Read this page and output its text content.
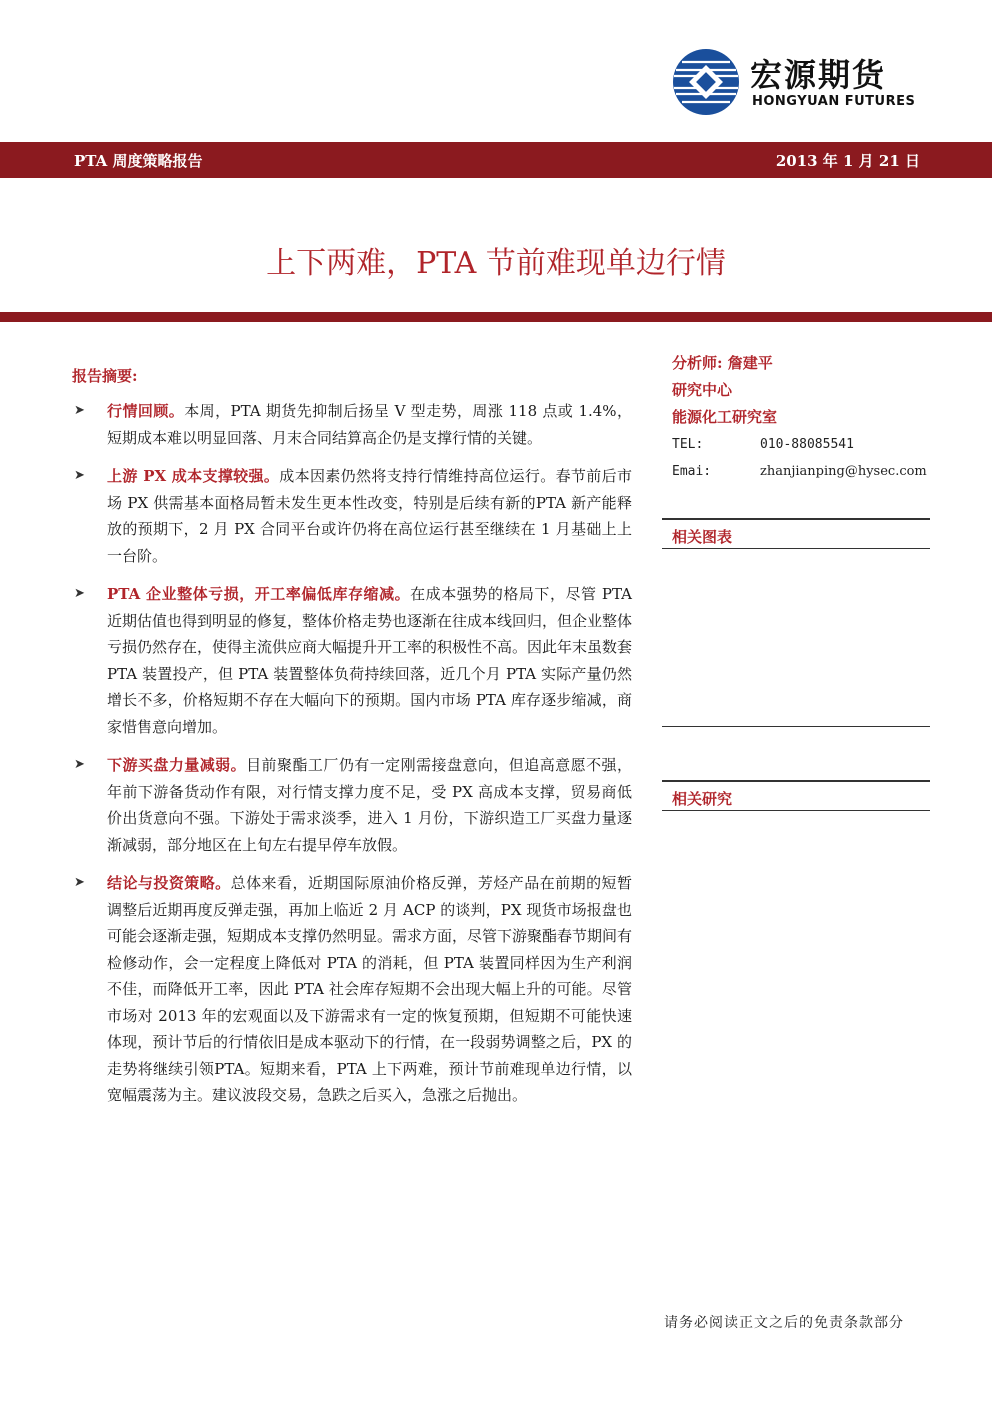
宏源期货
HONGYUAN FUTURES
PTA 周度策略报告	2013 年 1 月 21 日
上下两难，PTA 节前难现单边行情
报告摘要:
➤ 行情回顾。本周，PTA 期货先抑制后扬呈 V 型走势，周涨 118 点或 1.4%，短期成本难以明显回落、月末合同结算高企仍是支撑行情的关键。
➤ 上游 PX 成本支撑较强。成本因素仍然将支持行情维持高位运行。春节前后市场 PX 供需基本面格局暂未发生更本性改变，特别是后续有新的PTA 新产能释放的预期下，2 月 PX 合同平台或许仍将在高位运行甚至继续在 1 月基础上上一台阶。
➤ PTA 企业整体亏损，开工率偏低库存缩减。在成本强势的格局下，尽管 PTA 近期估值也得到明显的修复，整体价格走势也逐渐在往成本线回归，但企业整体亏损仍然存在，使得主流供应商大幅提升开工率的积极性不高。因此年末虽数套 PTA 装置投产，但 PTA 装置整体负荷持续回落，近几个月 PTA 实际产量仍然增长不多，价格短期不存在大幅向下的预期。国内市场 PTA 库存逐步缩减，商家惜售意向增加。
➤ 下游买盘力量减弱。目前聚酯工厂仍有一定刚需接盘意向，但追高意愿不强，年前下游备货动作有限，对行情支撑力度不足，受 PX 高成本支撑，贸易商低价出货意向不强。下游处于需求淡季，进入 1 月份，下游织造工厂买盘力量逐渐减弱，部分地区在上旬左右提早停车放假。
➤ 结论与投资策略。总体来看，近期国际原油价格反弹，芳烃产品在前期的短暂调整后近期再度反弹走强，再加上临近 2 月 ACP 的谈判，PX 现货市场报盘也可能会逐渐走强，短期成本支撑仍然明显。需求方面，尽管下游聚酯春节期间有检修动作，会一定程度上降低对 PTA 的消耗，但 PTA 装置同样因为生产利润不佳，而降低开工率，因此 PTA 社会库存短期不会出现大幅上升的可能。尽管市场对 2013 年的宏观面以及下游需求有一定的恢复预期，但短期不可能快速体现，预计节后的行情依旧是成本驱动下的行情，在一段弱势调整之后，PX 的走势将继续引领PTA。短期来看，PTA 上下两难，预计节前难现单边行情，以宽幅震荡为主。建议波段交易，急跌之后买入，急涨之后抛出。
分析师: 詹建平
研究中心
能源化工研究室
TEL:	010-88085541
Emai:	zhanjianping@hysec.com
相关图表
相关研究
请务必阅读正文之后的免责条款部分
